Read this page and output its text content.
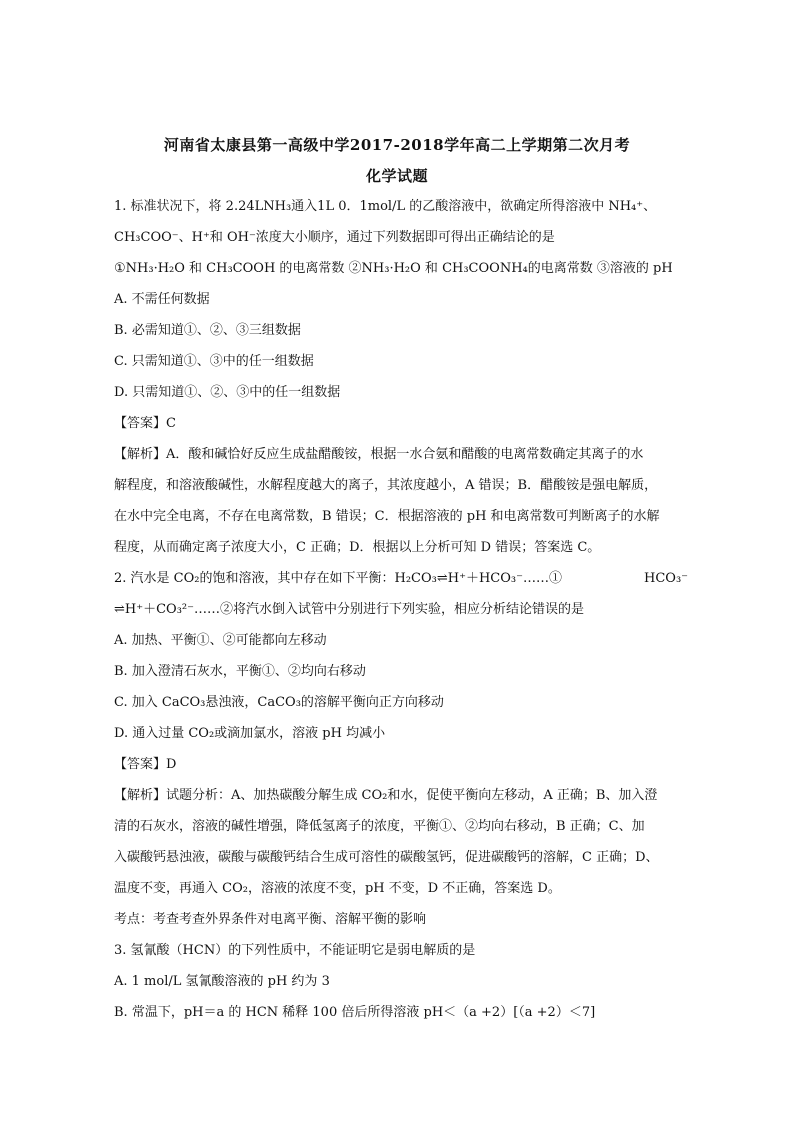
河南省太康县第一高级中学2017-2018学年高二上学期第二次月考
化学试题
1. 标准状况下，将 2.24LNH₃通入1L 0．1mol/L 的乙酸溶液中，欲确定所得溶液中 NH₄⁺、
CH₃COO⁻、H⁺和 OH⁻浓度大小顺序，通过下列数据即可得出正确结论的是
①NH₃·H₂O 和 CH₃COOH 的电离常数 ②NH₃·H₂O 和 CH₃COONH₄的电离常数 ③溶液的 pH
A. 不需任何数据
B. 必需知道①、②、③三组数据
C. 只需知道①、③中的任一组数据
D. 只需知道①、②、③中的任一组数据
【答案】C
【解析】A．酸和碱恰好反应生成盐醋酸铵，根据一水合氨和醋酸的电离常数确定其离子的水
解程度，和溶液酸碱性，水解程度越大的离子，其浓度越小，A 错误；B．醋酸铵是强电解质，
在水中完全电离，不存在电离常数，B 错误；C．根据溶液的 pH 和电离常数可判断离子的水解
程度，从而确定离子浓度大小，C 正确；D．根据以上分析可知 D 错误；答案选 C。
2. 汽水是 CO₂的饱和溶液，其中存在如下平衡：H₂CO₃⇌H⁺＋HCO₃⁻……①	HCO₃⁻
⇌H⁺＋CO₃²⁻……②将汽水倒入试管中分别进行下列实验，相应分析结论错误的是
A. 加热、平衡①、②可能都向左移动
B. 加入澄清石灰水，平衡①、②均向右移动
C. 加入 CaCO₃悬浊液，CaCO₃的溶解平衡向正方向移动
D. 通入过量 CO₂或滴加氯水，溶液 pH 均减小
【答案】D
【解析】试题分析：A、加热碳酸分解生成 CO₂和水，促使平衡向左移动，A 正确；B、加入澄
清的石灰水，溶液的碱性增强，降低氢离子的浓度，平衡①、②均向右移动，B 正确；C、加
入碳酸钙悬浊液，碳酸与碳酸钙结合生成可溶性的碳酸氢钙，促进碳酸钙的溶解，C 正确；D、
温度不变，再通入 CO₂，溶液的浓度不变，pH 不变，D 不正确，答案选 D。
考点：考查考查外界条件对电离平衡、溶解平衡的影响
3. 氢氰酸（HCN）的下列性质中，不能证明它是弱电解质的是
A. 1 mol/L 氢氰酸溶液的 pH 约为 3
B. 常温下，pH＝a 的 HCN 稀释 100 倍后所得溶液 pH＜（a +2）[（a +2）＜7]
